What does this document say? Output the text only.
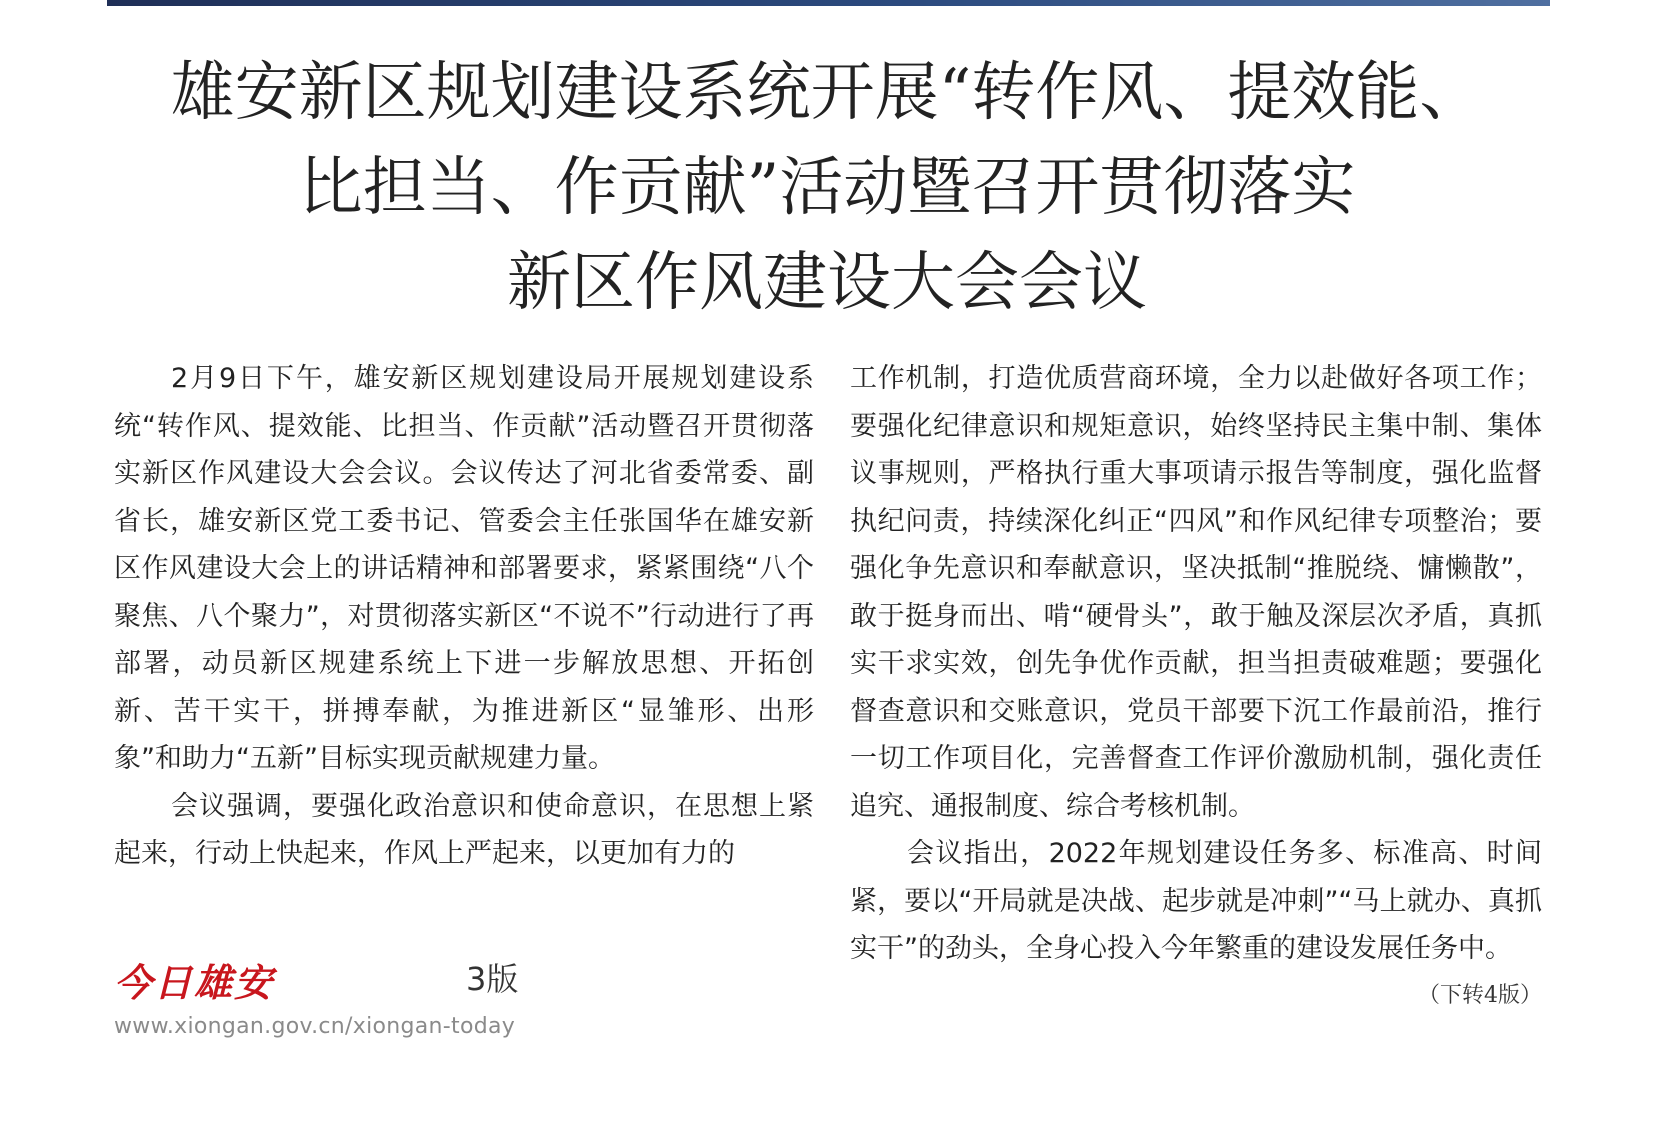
雄安新区规划建设系统开展“转作风、提效能、
比担当、作贡献”活动暨召开贯彻落实
新区作风建设大会会议

2月9日下午，雄安新区规划建设局开展规划建设系统“转作风、提效能、比担当、作贡献”活动暨召开贯彻落实新区作风建设大会会议。会议传达了河北省委常委、副省长，雄安新区党工委书记、管委会主任张国华在雄安新区作风建设大会上的讲话精神和部署要求，紧紧围绕“八个聚焦、八个聚力”，对贯彻落实新区“不说不”行动进行了再部署，动员新区规建系统上下进一步解放思想、开拓创新、苦干实干，拼搏奉献，为推进新区“显雏形、出形象”和助力“五新”目标实现贡献规建力量。

会议强调，要强化政治意识和使命意识，在思想上紧起来，行动上快起来，作风上严起来，以更加有力的

工作机制，打造优质营商环境，全力以赴做好各项工作；要强化纪律意识和规矩意识，始终坚持民主集中制、集体议事规则，严格执行重大事项请示报告等制度，强化监督执纪问责，持续深化纠正“四风”和作风纪律专项整治；要强化争先意识和奉献意识，坚决抵制“推脱绕、慵懒散”，敢于挺身而出、啃“硬骨头”，敢于触及深层次矛盾，真抓实干求实效，创先争优作贡献，担当担责破难题；要强化督查意识和交账意识，党员干部要下沉工作最前沿，推行一切工作项目化，完善督查工作评价激励机制，强化责任追究、通报制度、综合考核机制。

会议指出，2022年规划建设任务多、标准高、时间紧，要以“开局就是决战、起步就是冲刺”“马上就办、真抓实干”的劲头，全身心投入今年繁重的建设发展任务中。

今日雄安	3版
www.xiongan.gov.cn/xiongan-today
（下转4版）
